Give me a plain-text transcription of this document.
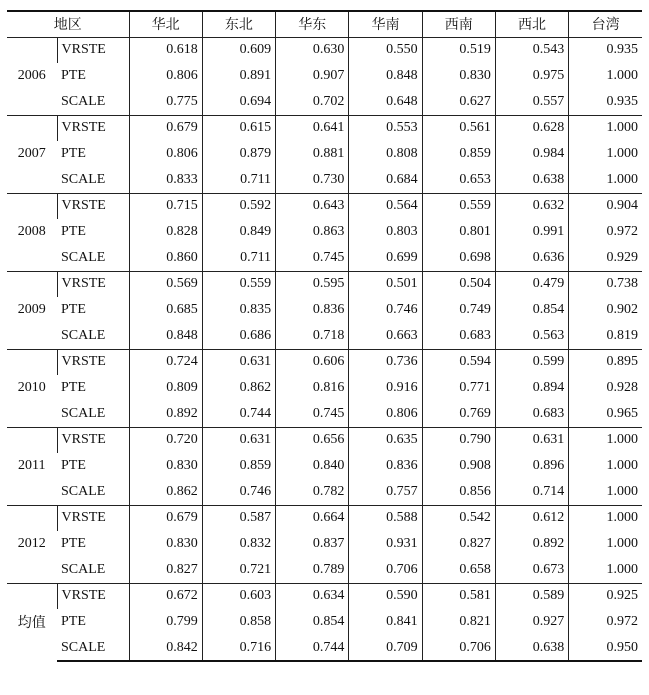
地区		华北	东北	华东	华南	西南	西北	台湾
2006	VRSTE	0.618	0.609	0.630	0.550	0.519	0.543	0.935
	PTE	0.806	0.891	0.907	0.848	0.830	0.975	1.000
	SCALE	0.775	0.694	0.702	0.648	0.627	0.557	0.935
2007	VRSTE	0.679	0.615	0.641	0.553	0.561	0.628	1.000
	PTE	0.806	0.879	0.881	0.808	0.859	0.984	1.000
	SCALE	0.833	0.711	0.730	0.684	0.653	0.638	1.000
2008	VRSTE	0.715	0.592	0.643	0.564	0.559	0.632	0.904
	PTE	0.828	0.849	0.863	0.803	0.801	0.991	0.972
	SCALE	0.860	0.711	0.745	0.699	0.698	0.636	0.929
2009	VRSTE	0.569	0.559	0.595	0.501	0.504	0.479	0.738
	PTE	0.685	0.835	0.836	0.746	0.749	0.854	0.902
	SCALE	0.848	0.686	0.718	0.663	0.683	0.563	0.819
2010	VRSTE	0.724	0.631	0.606	0.736	0.594	0.599	0.895
	PTE	0.809	0.862	0.816	0.916	0.771	0.894	0.928
	SCALE	0.892	0.744	0.745	0.806	0.769	0.683	0.965
2011	VRSTE	0.720	0.631	0.656	0.635	0.790	0.631	1.000
	PTE	0.830	0.859	0.840	0.836	0.908	0.896	1.000
	SCALE	0.862	0.746	0.782	0.757	0.856	0.714	1.000
2012	VRSTE	0.679	0.587	0.664	0.588	0.542	0.612	1.000
	PTE	0.830	0.832	0.837	0.931	0.827	0.892	1.000
	SCALE	0.827	0.721	0.789	0.706	0.658	0.673	1.000
均值	VRSTE	0.672	0.603	0.634	0.590	0.581	0.589	0.925
	PTE	0.799	0.858	0.854	0.841	0.821	0.927	0.972
	SCALE	0.842	0.716	0.744	0.709	0.706	0.638	0.950
